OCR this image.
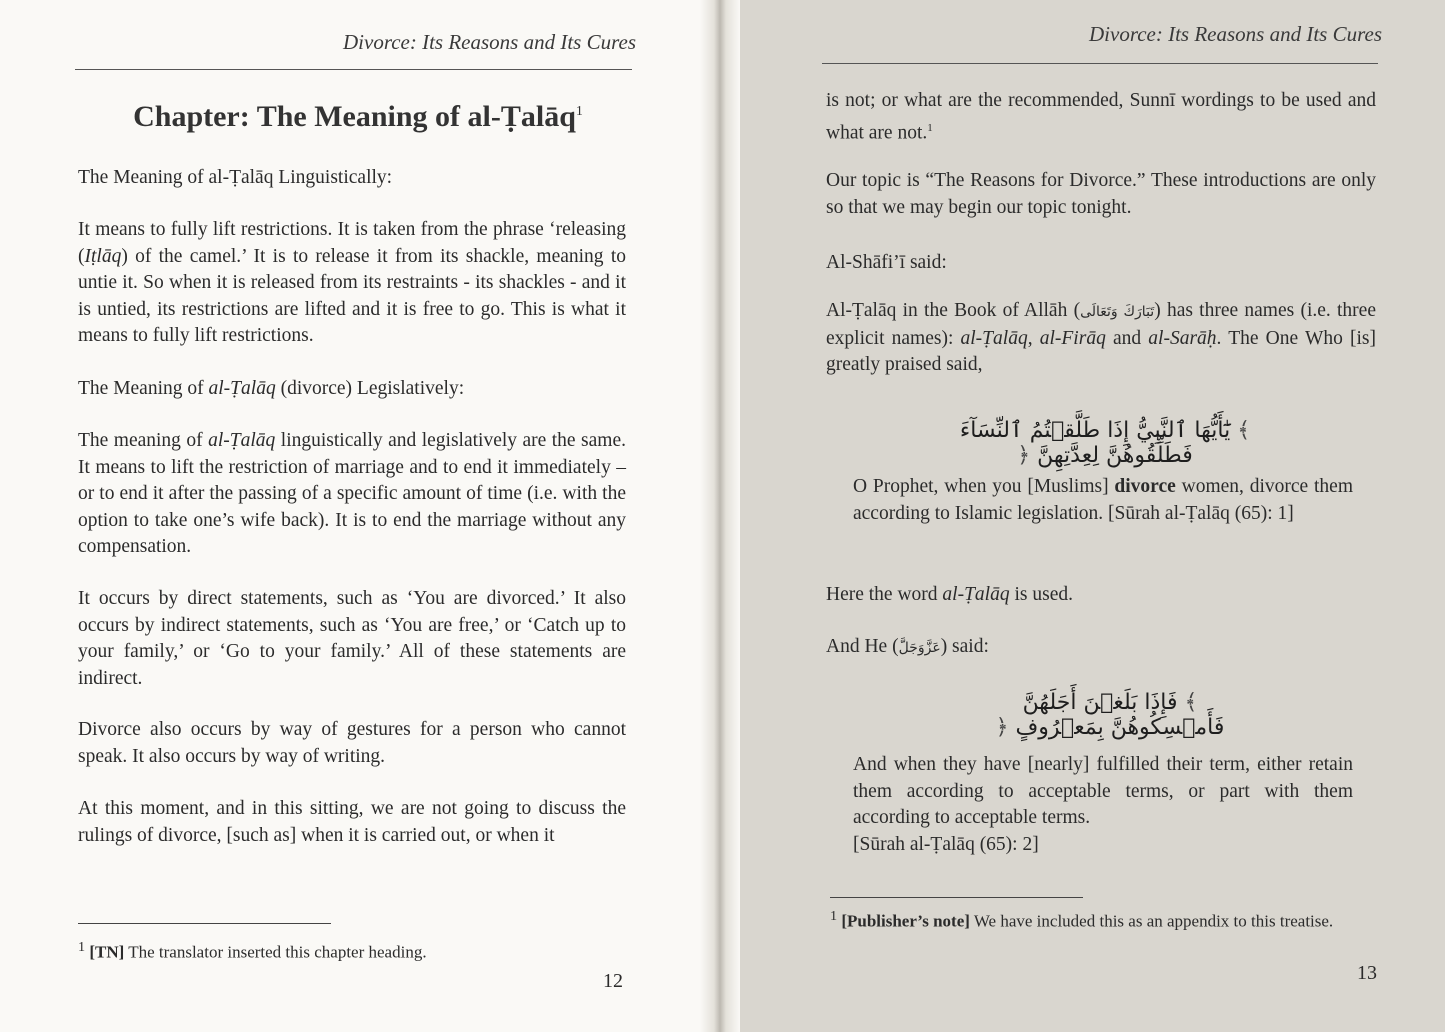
Divorce: Its Reasons and Its Cures
Chapter: The Meaning of al-Ṭalāq$^1$
The Meaning of al-Ṭalāq Linguistically:
It means to fully lift restrictions. It is taken from the phrase ‘releasing (Iṭlāq) of the camel.’ It is to release it from its shackle, meaning to untie it. So when it is released from its restraints - its shackles - and it is untied, its restrictions are lifted and it is free to go. This is what it means to fully lift restrictions.
The Meaning of al-Ṭalāq (divorce) Legislatively:
The meaning of al-Ṭalāq linguistically and legislatively are the same. It means to lift the restriction of marriage and to end it immediately – or to end it after the passing of a specific amount of time (i.e. with the option to take one’s wife back). It is to end the marriage without any compensation.
It occurs by direct statements, such as ‘You are divorced.’ It also occurs by indirect statements, such as ‘You are free,’ or ‘Catch up to your family,’ or ‘Go to your family.’ All of these statements are indirect.
Divorce also occurs by way of gestures for a person who cannot speak. It also occurs by way of writing.
At this moment, and in this sitting, we are not going to discuss the rulings of divorce, [such as] when it is carried out, or when it
$^1$ [TN] The translator inserted this chapter heading.
12
Divorce: Its Reasons and Its Cures
is not; or what are the recommended, Sunnī wordings to be used and what are not.$^1$
Our topic is “The Reasons for Divorce.” These introductions are only so that we may begin our topic tonight.
Al-Shāfi’ī said:
Al-Ṭalāq in the Book of Allāh (تَبَارَكَ وَتَعَالَى) has three names (i.e. three explicit names): al-Ṭalāq, al-Firāq and al-Sarāḥ. The One Who [is] greatly praised said,
﴾ يَٰٓأَيُّهَا ٱلنَّبِيُّ إِذَا طَلَّقۡتُمُ ٱلنِّسَآءَ فَطَلِّقُوهُنَّ لِعِدَّتِهِنَّ ﴿
O Prophet, when you [Muslims] divorce women, divorce them according to Islamic legislation. [Sūrah al-Ṭalāq (65): 1]
Here the word al-Ṭalāq is used.
And He (عَزَّوَجَلَّ) said:
﴾ فَإِذَا بَلَغۡنَ أَجَلَهُنَّ فَأَمۡسِكُوهُنَّ بِمَعۡرُوفٍ ﴿
And when they have [nearly] fulfilled their term, either retain them according to acceptable terms, or part with them according to acceptable terms.
[Sūrah al-Ṭalāq (65): 2]
$^1$ [Publisher’s note] We have included this as an appendix to this treatise.
13
